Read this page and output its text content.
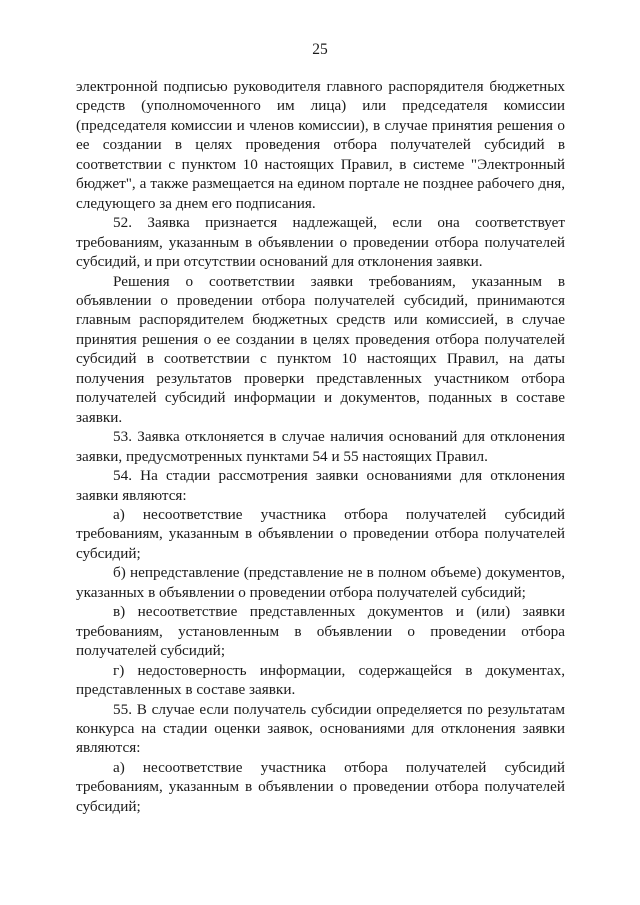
25

электронной подписью руководителя главного распорядителя бюджетных средств (уполномоченного им лица) или председателя комиссии (председателя комиссии и членов комиссии), в случае принятия решения о ее создании в целях проведения отбора получателей субсидий в соответствии с пунктом 10 настоящих Правил, в системе "Электронный бюджет", а также размещается на едином портале не позднее рабочего дня, следующего за днем его подписания.

52. Заявка признается надлежащей, если она соответствует требованиям, указанным в объявлении о проведении отбора получателей субсидий, и при отсутствии оснований для отклонения заявки.

Решения о соответствии заявки требованиям, указанным в объявлении о проведении отбора получателей субсидий, принимаются главным распорядителем бюджетных средств или комиссией, в случае принятия решения о ее создании в целях проведения отбора получателей субсидий в соответствии с пунктом 10 настоящих Правил, на даты получения результатов проверки представленных участником отбора получателей субсидий информации и документов, поданных в составе заявки.

53. Заявка отклоняется в случае наличия оснований для отклонения заявки, предусмотренных пунктами 54 и 55 настоящих Правил.

54. На стадии рассмотрения заявки основаниями для отклонения заявки являются:

а) несоответствие участника отбора получателей субсидий требованиям, указанным в объявлении о проведении отбора получателей субсидий;

б) непредставление (представление не в полном объеме) документов, указанных в объявлении о проведении отбора получателей субсидий;

в) несоответствие представленных документов и (или) заявки требованиям, установленным в объявлении о проведении отбора получателей субсидий;

г) недостоверность информации, содержащейся в документах, представленных в составе заявки.

55. В случае если получатель субсидии определяется по результатам конкурса на стадии оценки заявок, основаниями для отклонения заявки являются:

а) несоответствие участника отбора получателей субсидий требованиям, указанным в объявлении о проведении отбора получателей субсидий;
